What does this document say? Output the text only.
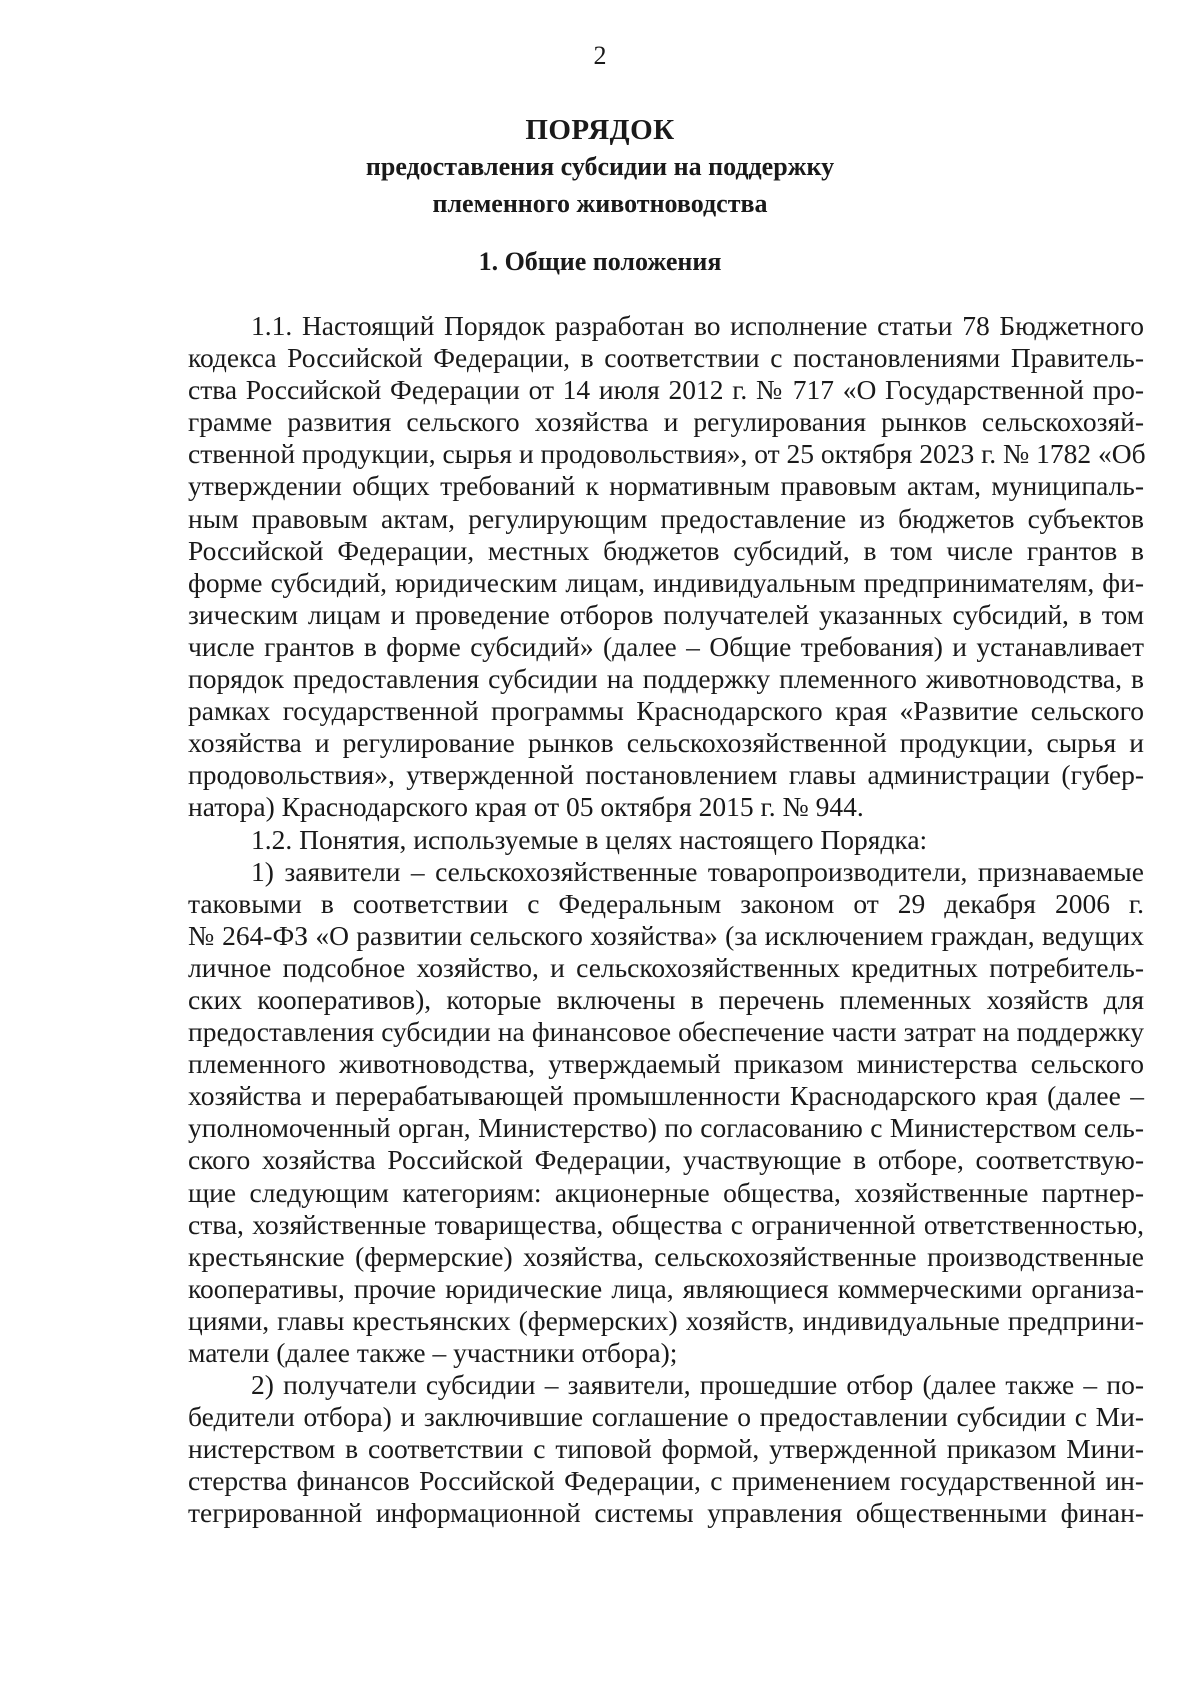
2
ПОРЯДОК
предоставления субсидии на поддержку
племенного животноводства
1. Общие положения
1.1. Настоящий Порядок разработан во исполнение статьи 78 Бюджетного
кодекса Российской Федерации, в соответствии с постановлениями Правитель-
ства Российской Федерации от 14 июля 2012 г. № 717 «О Государственной про-
грамме развития сельского хозяйства и регулирования рынков сельскохозяй-
ственной продукции, сырья и продовольствия», от 25 октября 2023 г. № 1782 «Об
утверждении общих требований к нормативным правовым актам, муниципаль-
ным правовым актам, регулирующим предоставление из бюджетов субъектов
Российской Федерации, местных бюджетов субсидий, в том числе грантов в
форме субсидий, юридическим лицам, индивидуальным предпринимателям, фи-
зическим лицам и проведение отборов получателей указанных субсидий, в том
числе грантов в форме субсидий» (далее – Общие требования) и устанавливает
порядок предоставления субсидии на поддержку племенного животноводства, в
рамках государственной программы Краснодарского края «Развитие сельского
хозяйства и регулирование рынков сельскохозяйственной продукции, сырья и
продовольствия», утвержденной постановлением главы администрации (губер-
натора) Краснодарского края от 05 октября 2015 г. № 944.
1.2. Понятия, используемые в целях настоящего Порядка:
1) заявители – сельскохозяйственные товаропроизводители, признаваемые
таковыми в соответствии с Федеральным законом от 29 декабря 2006 г.
№ 264-ФЗ «О развитии сельского хозяйства» (за исключением граждан, ведущих
личное подсобное хозяйство, и сельскохозяйственных кредитных потребитель-
ских кооперативов), которые включены в перечень племенных хозяйств для
предоставления субсидии на финансовое обеспечение части затрат на поддержку
племенного животноводства, утверждаемый приказом министерства сельского
хозяйства и перерабатывающей промышленности Краснодарского края (далее –
уполномоченный орган, Министерство) по согласованию с Министерством сель-
ского хозяйства Российской Федерации, участвующие в отборе, соответствую-
щие следующим категориям: акционерные общества, хозяйственные партнер-
ства, хозяйственные товарищества, общества с ограниченной ответственностью,
крестьянские (фермерские) хозяйства, сельскохозяйственные производственные
кооперативы, прочие юридические лица, являющиеся коммерческими организа-
циями, главы крестьянских (фермерских) хозяйств, индивидуальные предприни-
матели (далее также – участники отбора);
2) получатели субсидии – заявители, прошедшие отбор (далее также – по-
бедители отбора) и заключившие соглашение о предоставлении субсидии с Ми-
нистерством в соответствии с типовой формой, утвержденной приказом Мини-
стерства финансов Российской Федерации, с применением государственной ин-
тегрированной информационной системы управления общественными финан-
